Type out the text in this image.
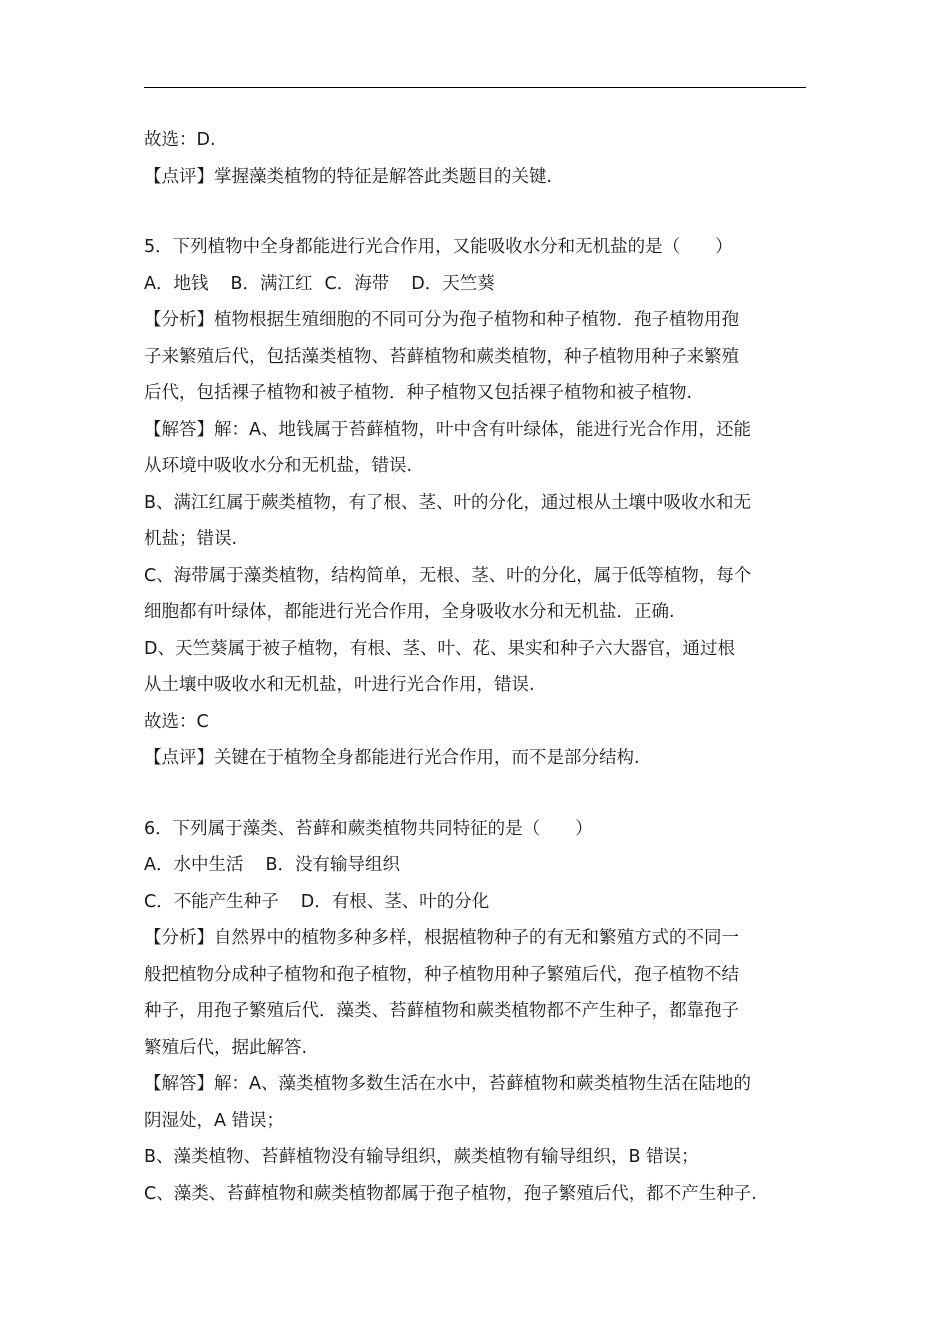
故选：D.
【点评】掌握藻类植物的特征是解答此类题目的关键.
5．下列植物中全身都能进行光合作用，又能吸收水分和无机盐的是（　　）
A．地钱 B．满江红 C．海带 D．天竺葵
【分析】植物根据生殖细胞的不同可分为孢子植物和种子植物．孢子植物用孢
子来繁殖后代，包括藻类植物、苔藓植物和蕨类植物，种子植物用种子来繁殖
后代，包括裸子植物和被子植物．种子植物又包括裸子植物和被子植物.
【解答】解：A、地钱属于苔藓植物，叶中含有叶绿体，能进行光合作用，还能
从环境中吸收水分和无机盐，错误.
B、满江红属于蕨类植物，有了根、茎、叶的分化，通过根从土壤中吸收水和无
机盐；错误.
C、海带属于藻类植物，结构简单，无根、茎、叶的分化，属于低等植物，每个
细胞都有叶绿体，都能进行光合作用，全身吸收水分和无机盐．正确.
D、天竺葵属于被子植物，有根、茎、叶、花、果实和种子六大器官，通过根
从土壤中吸收水和无机盐，叶进行光合作用，错误.
故选：C
【点评】关键在于植物全身都能进行光合作用，而不是部分结构.
6．下列属于藻类、苔藓和蕨类植物共同特征的是（　　）
A．水中生活 B．没有输导组织
C．不能产生种子 D．有根、茎、叶的分化
【分析】自然界中的植物多种多样，根据植物种子的有无和繁殖方式的不同一
般把植物分成种子植物和孢子植物，种子植物用种子繁殖后代，孢子植物不结
种子，用孢子繁殖后代．藻类、苔藓植物和蕨类植物都不产生种子，都靠孢子
繁殖后代，据此解答.
【解答】解：A、藻类植物多数生活在水中，苔藓植物和蕨类植物生活在陆地的
阴湿处，A 错误；
B、藻类植物、苔藓植物没有输导组织，蕨类植物有输导组织，B 错误；
C、藻类、苔藓植物和蕨类植物都属于孢子植物，孢子繁殖后代，都不产生种子.
